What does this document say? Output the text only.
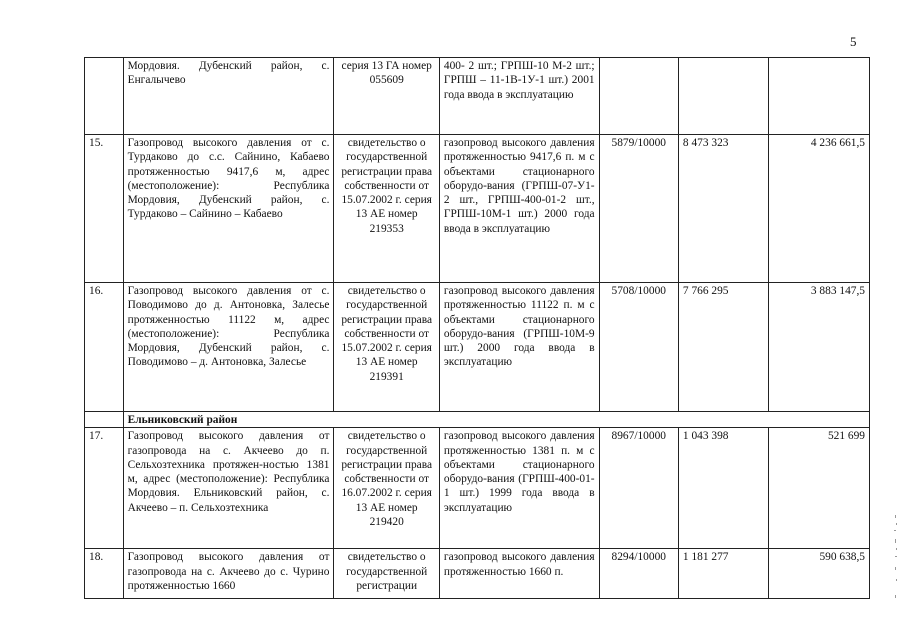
5
	Мордовия. Дубенский район, с. Енгалычево	серия 13 ГА номер 055609	400- 2 шт.; ГРПШ-10 М-2 шт.; ГРПШ – 11-1В-1У-1 шт.) 2001 года ввода в эксплуатацию			
15.	Газопровод высокого давления от с. Турдаково до с.с. Сайнино, Кабаево протяженностью 9417,6 м, адрес (местоположение): Республика Мордовия, Дубенский район, с. Турдаково – Сайнино – Кабаево	свидетельство о государственной регистрации права собственности от 15.07.2002 г. серия 13 АЕ номер 219353	газопровод высокого давления протяженностью 9417,6 п. м с объектами стационарного оборудо-вания (ГРПШ-07-У1-2 шт., ГРПШ-400-01-2 шт., ГРПШ-10М-1 шт.) 2000 года ввода в эксплуатацию	5879/10000	8 473 323	4 236 661,5
16.	Газопровод высокого давления от с. Поводимово до д. Антоновка, Залесье протяженностью 11122 м, адрес (местоположение): Республика Мордовия, Дубенский район, с. Поводимово – д. Антоновка, Залесье	свидетельство о государственной регистрации права собственности от 15.07.2002 г. серия 13 АЕ номер 219391	газопровод высокого давления протяженностью 11122 п. м с объектами стационарного оборудо-вания (ГРПШ-10М-9 шт.) 2000 года ввода в эксплуатацию	5708/10000	7 766 295	3 883 147,5
	Ельниковский район					
17.	Газопровод высокого давления от газопровода на с. Акчеево до п. Сельхозтехника протяжен-ностью 1381 м, адрес (местоположение): Республика Мордовия. Ельниковский район, с. Акчеево – п. Сельхозтехника	свидетельство о государственной регистрации права собственности от 16.07.2002 г. серия 13 АЕ номер 219420	газопровод высокого давления протяженностью 1381 п. м с объектами стационарного оборудо-вания (ГРПШ-400-01-1 шт.) 1999 года ввода в эксплуатацию	8967/10000	1 043 398	521 699
18.	Газопровод высокого давления от газопровода на с. Акчеево до с. Чурино протяженностью 1660	свидетельство о государственной регистрации	газопровод высокого давления протяженностью 1660 п.	8294/10000	1 181 277	590 638,5
